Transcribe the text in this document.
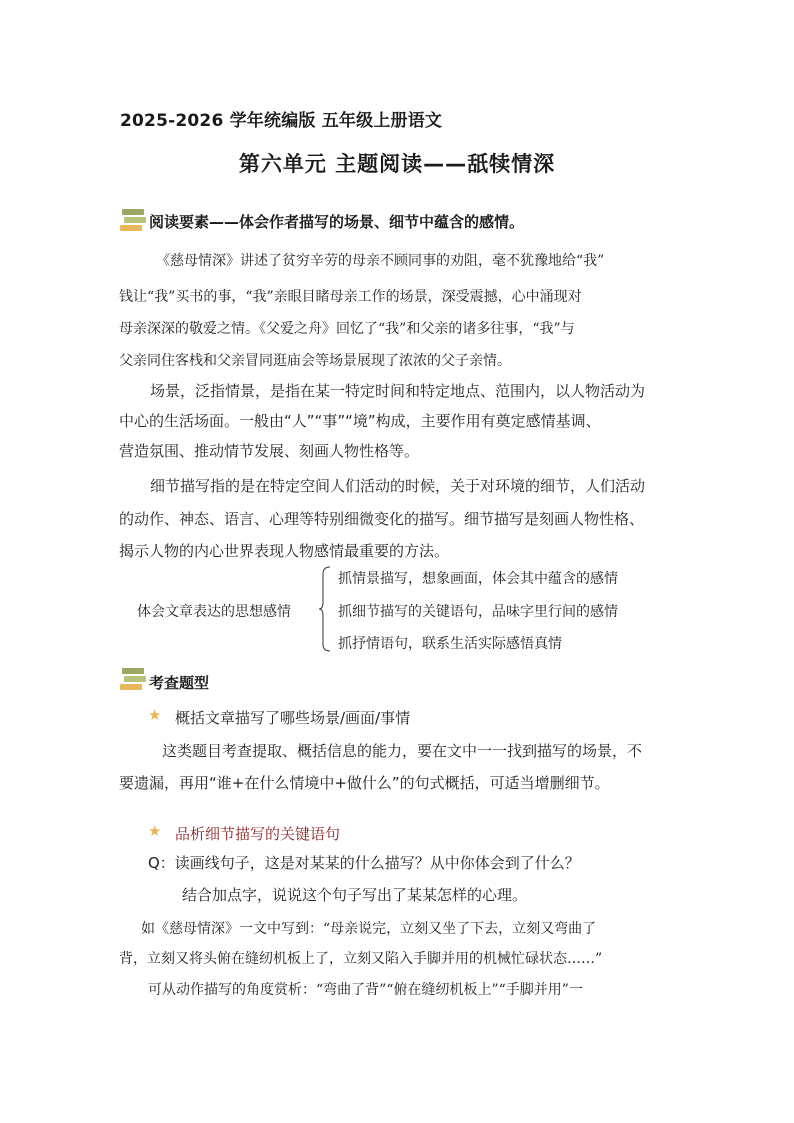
2025-2026 学年统编版 五年级上册语文
第六单元 主题阅读——舐犊情深
阅读要素——体会作者描写的场景、细节中蕴含的感情。
《慈母情深》讲述了贫穷辛劳的母亲不顾同事的劝阻，毫不犹豫地给“我”
钱让“我”买书的事，“我”亲眼目睹母亲工作的场景，深受震撼，心中涌现对
母亲深深的敬爱之情。《父爱之舟》回忆了“我”和父亲的诸多往事，“我”与
父亲同住客栈和父亲冒同逛庙会等场景展现了浓浓的父子亲情。
场景，泛指情景，是指在某一特定时间和特定地点、范围内，以人物活动为
中心的生活场面。一般由“人”“事”“境”构成，主要作用有奠定感情基调、
营造氛围、推动情节发展、刻画人物性格等。
细节描写指的是在特定空间人们活动的时候，关于对环境的细节，人们活动
的动作、神态、语言、心理等特别细微变化的描写。细节描写是刻画人物性格、
揭示人物的内心世界表现人物感情最重要的方法。
体会文章表达的思想感情
抓情景描写，想象画面，体会其中蕴含的感情
抓细节描写的关键语句，品味字里行间的感情
抓抒情语句，联系生活实际感悟真情
考查题型
★ 概括文章描写了哪些场景/画面/事情
这类题目考查提取、概括信息的能力，要在文中一一找到描写的场景，不
要遗漏，再用“谁+在什么情境中+做什么”的句式概括，可适当增删细节。
★ 品析细节描写的关键语句
Q：读画线句子，这是对某某的什么描写？从中你体会到了什么？
结合加点字，说说这个句子写出了某某怎样的心理。
如《慈母情深》一文中写到：“母亲说完，立刻又坐了下去，立刻又弯曲了
背，立刻又将头俯在缝纫机板上了，立刻又陷入手脚并用的机械忙碌状态……”
可从动作描写的角度赏析：“弯曲了背”“俯在缝纫机板上”“手脚并用”一
